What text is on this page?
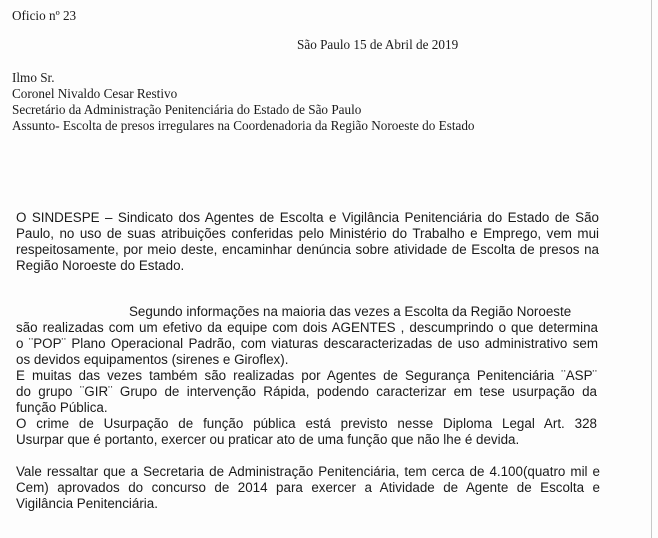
Oficio nº 23
São Paulo 15 de Abril de 2019
Ilmo Sr.
Coronel Nivaldo Cesar Restivo
Secretário da Administração Penitenciária do Estado de São Paulo
Assunto- Escolta de presos irregulares na Coordenadoria da Região Noroeste do Estado
O SINDESPE – Sindicato dos Agentes de Escolta e Vigilância Penitenciária do Estado de São
Paulo, no uso de suas atribuições conferidas pelo Ministério do Trabalho e Emprego, vem mui
respeitosamente, por meio deste, encaminhar denúncia sobre atividade de Escolta de presos na
Região Noroeste do Estado.
Segundo informações na maioria das vezes a Escolta da Região Noroeste
são realizadas com um efetivo da equipe com dois AGENTES , descumprindo o que determina
o ¨POP¨ Plano Operacional Padrão, com viaturas descaracterizadas de uso administrativo sem
os devidos equipamentos (sirenes e Giroflex).
E muitas das vezes também são realizadas por Agentes de Segurança Penitenciária ¨ASP¨
do grupo ¨GIR¨ Grupo de intervenção Rápida, podendo caracterizar em tese usurpação da
função Pública.
O crime de Usurpação de função pública está previsto nesse Diploma Legal Art. 328
Usurpar que é portanto, exercer ou praticar ato de uma função que não lhe é devida.
Vale ressaltar que a Secretaria de Administração Penitenciária, tem cerca de 4.100(quatro mil e
Cem) aprovados do concurso de 2014 para exercer a Atividade de Agente de Escolta e
Vigilância Penitenciária.
